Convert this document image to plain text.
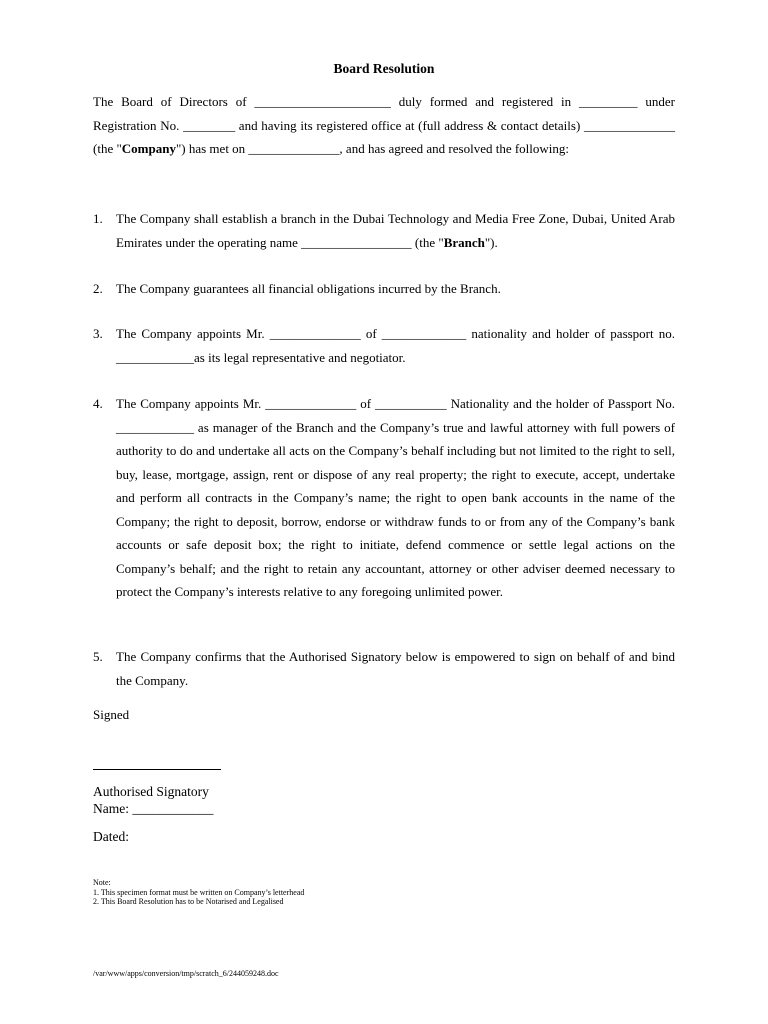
Board Resolution
The Board of Directors of _____________________ duly formed and registered in _________ under Registration No. ________ and having its registered office at (full address & contact details) ______________ (the "Company") has met on ______________, and has agreed and resolved the following:
1. The Company shall establish a branch in the Dubai Technology and Media Free Zone, Dubai, United Arab Emirates under the operating name _________________ (the "Branch").
2. The Company guarantees all financial obligations incurred by the Branch.
3. The Company appoints Mr. ______________ of _____________ nationality and holder of passport no. ____________as its legal representative and negotiator.
4. The Company appoints Mr. ______________ of ___________ Nationality and the holder of Passport No. ____________ as manager of the Branch and the Company’s true and lawful attorney with full powers of authority to do and undertake all acts on the Company’s behalf including but not limited to the right to sell, buy, lease, mortgage, assign, rent or dispose of any real property; the right to execute, accept, undertake and perform all contracts in the Company’s name; the right to open bank accounts in the name of the Company; the right to deposit, borrow, endorse or withdraw funds to or from any of the Company’s bank accounts or safe deposit box; the right to initiate, defend commence or settle legal actions on the Company’s behalf; and the right to retain any accountant, attorney or other adviser deemed necessary to protect the Company’s interests relative to any foregoing unlimited power.
5. The Company confirms that the Authorised Signatory below is empowered to sign on behalf of and bind the Company.
Signed
Authorised Signatory
Name: ____________
Dated:
Note:
1. This specimen format must be written on Company’s letterhead
2. This Board Resolution has to be Notarised and Legalised
/var/www/apps/conversion/tmp/scratch_6/244059248.doc
